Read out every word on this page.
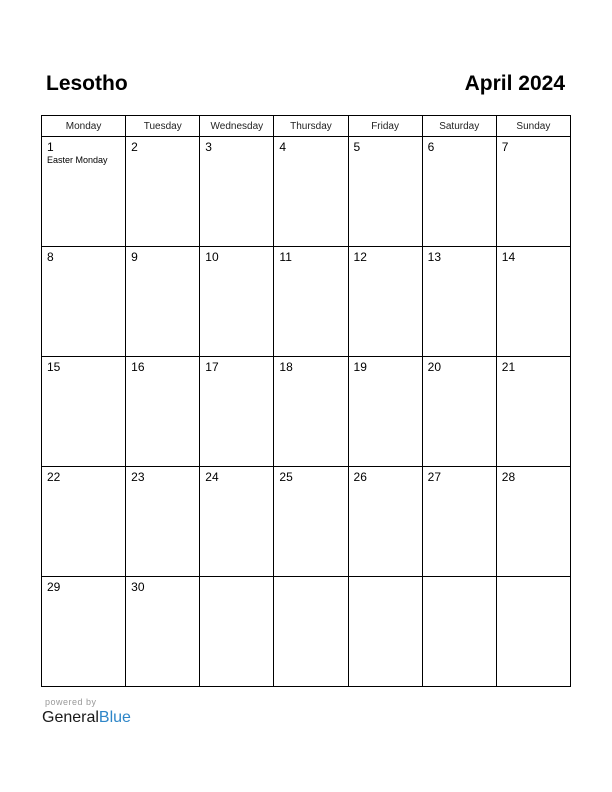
Lesotho	April 2024
Monday	Tuesday	Wednesday	Thursday	Friday	Saturday	Sunday

1
Easter Monday	2	3	4	5	6	7

8	9	10	11	12	13	14

15	16	17	18	19	20	21

22	23	24	25	26	27	28

29	30					

powered by
GeneralBlue
